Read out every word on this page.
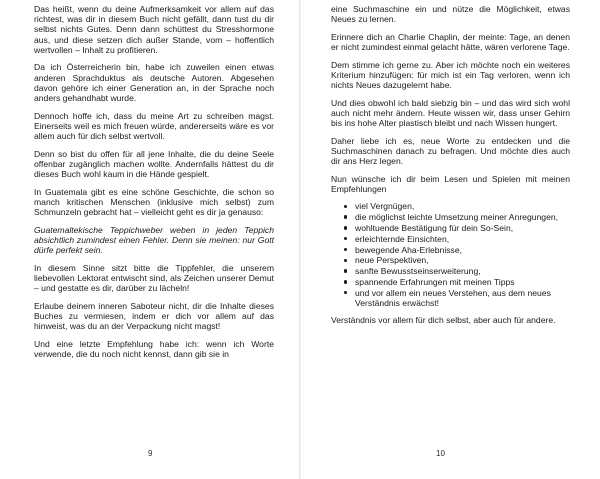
Das heißt, wenn du deine Aufmerksamkeit vor allem auf das richtest, was dir in diesem Buch nicht gefällt, dann tust du dir selbst nichts Gutes. Denn dann schüttest du Stresshormone aus, und diese setzen dich außer Stande, vom – hoffentlich wertvollen – Inhalt zu profitieren.

Da ich Österreicherin bin, habe ich zuweilen einen etwas anderen Sprachduktus als deutsche Autoren. Abgesehen davon gehöre ich einer Generation an, in der Sprache noch anders gehandhabt wurde.

Dennoch hoffe ich, dass du meine Art zu schreiben magst. Einerseits weil es mich freuen würde, andererseits wäre es vor allem auch für dich selbst wertvoll.

Denn so bist du offen für all jene Inhalte, die du deine Seele offenbar zugänglich machen wollte. Andernfalls hättest du dir dieses Buch wohl kaum in die Hände gespielt.

In Guatemala gibt es eine schöne Geschichte, die schon so manch kritischen Menschen (inklusive mich selbst) zum Schmunzeln gebracht hat – vielleicht geht es dir ja genauso:

Guatemaltekische Teppichweber weben in jeden Teppich absichtlich zumindest einen Fehler. Denn sie meinen: nur Gott dürfe perfekt sein.

In diesem Sinne sitzt bitte die Tippfehler, die unserem liebevollen Lektorat entwischt sind, als Zeichen unserer Demut – und gestatte es dir, darüber zu lächeln!

Erlaube deinem inneren Saboteur nicht, dir die Inhalte dieses Buches zu vermiesen, indem er dich vor allem auf das hinweist, was du an der Verpackung nicht magst!

Und eine letzte Empfehlung habe ich: wenn ich Worte verwende, die du noch nicht kennst, dann gib sie in

9

eine Suchmaschine ein und nütze die Möglichkeit, etwas Neues zu lernen.

Erinnere dich an Charlie Chaplin, der meinte: Tage, an denen er nicht zumindest einmal gelacht hätte, wären verlorene Tage.

Dem stimme ich gerne zu. Aber ich möchte noch ein weiteres Kriterium hinzufügen: für mich ist ein Tag verloren, wenn ich nichts Neues dazugelernt habe.

Und dies obwohl ich bald siebzig bin – und das wird sich wohl auch nicht mehr ändern. Heute wissen wir, dass unser Gehirn bis ins hohe Alter plastisch bleibt und nach Wissen hungert.

Daher liebe ich es, neue Worte zu entdecken und die Suchmaschinen danach zu befragen. Und möchte dies auch dir ans Herz legen.

Nun wünsche ich dir beim Lesen und Spielen mit meinen Empfehlungen

viel Vergnügen,
die möglichst leichte Umsetzung meiner Anregungen,
wohltuende Bestätigung für dein So-Sein,
erleichternde Einsichten,
bewegende Aha-Erlebnisse,
neue Perspektiven,
sanfte Bewusstseinserweiterung,
spannende Erfahrungen mit meinen Tipps
und vor allem ein neues Verstehen, aus dem neues Verständnis erwächst!

Verständnis vor allem für dich selbst, aber auch für andere.

10
